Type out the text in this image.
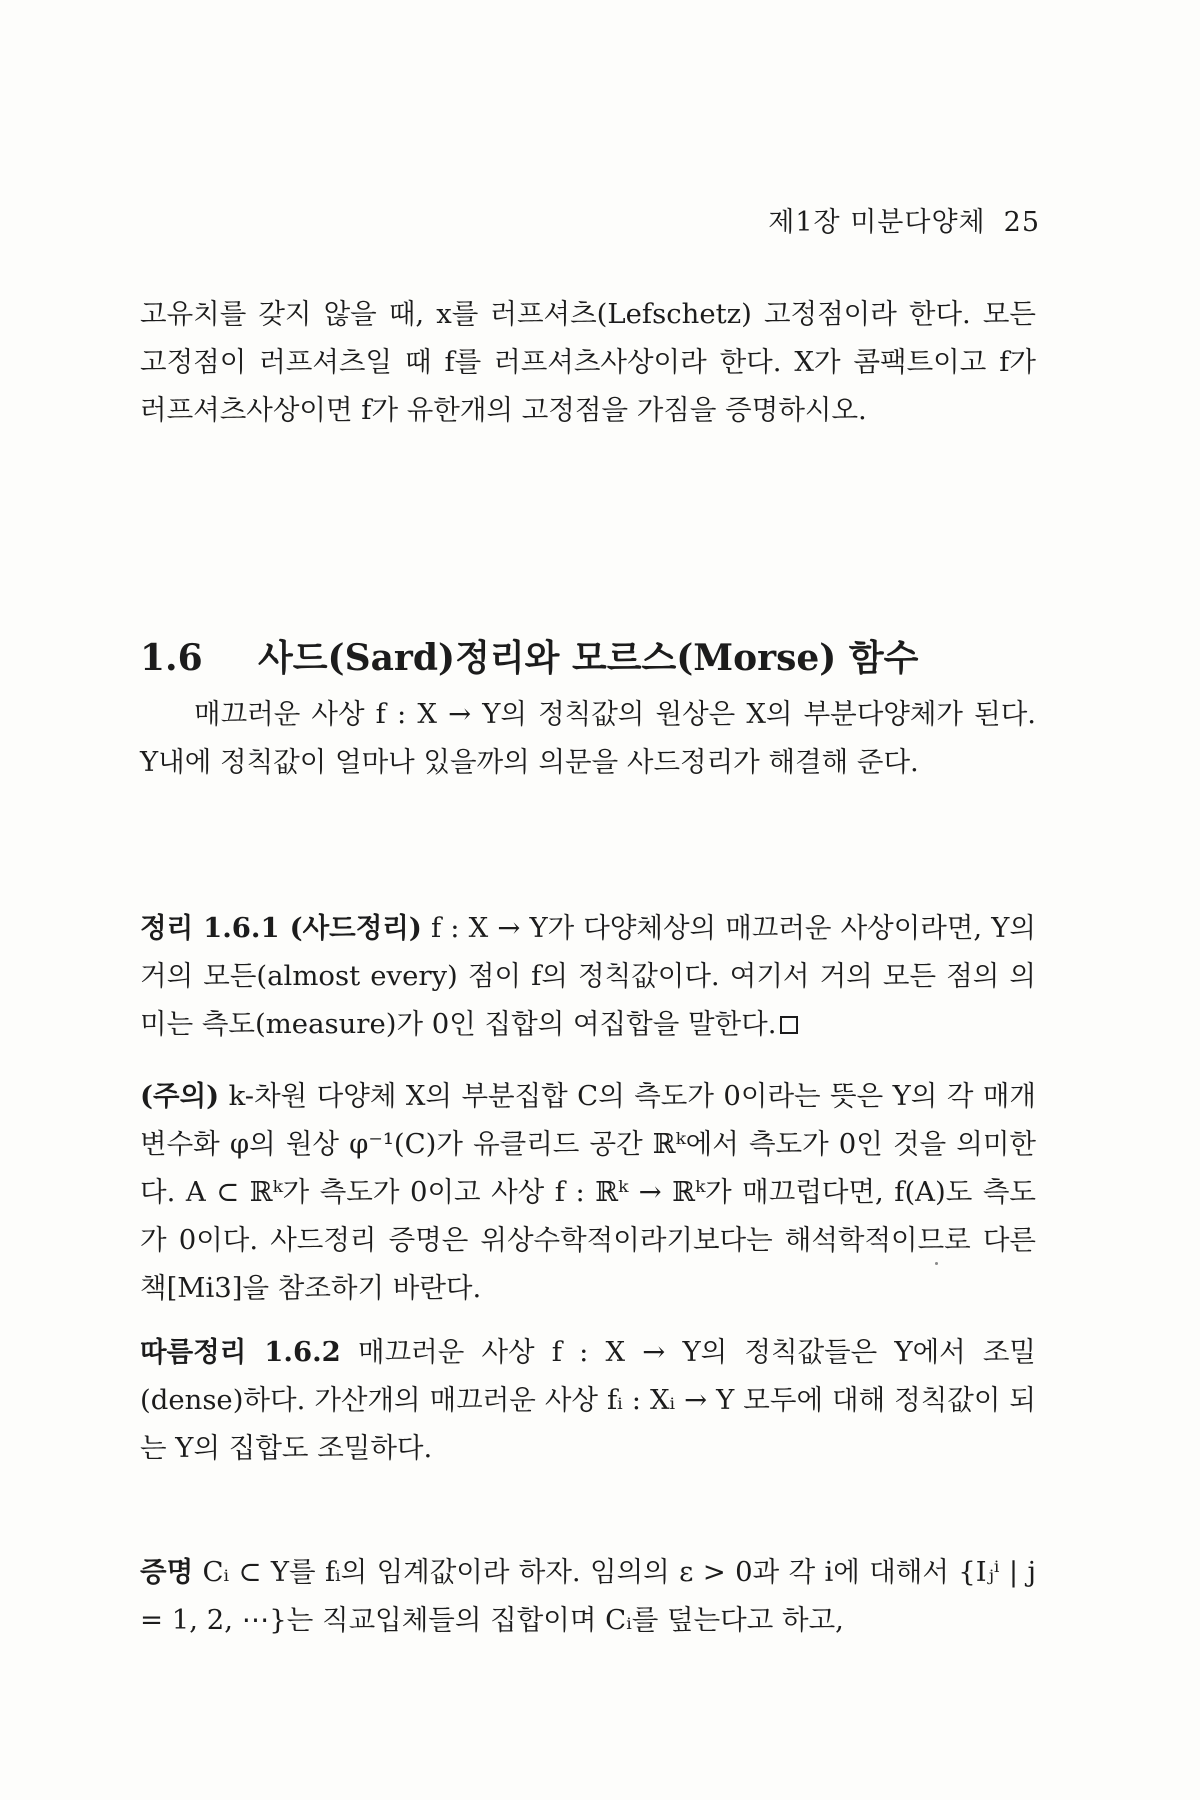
제1장 미분다양체 25

고유치를 갖지 않을 때, x를 러프셔츠(Lefschetz) 고정점이라 한다. 모든 고정점이 러프셔츠일 때 f를 러프셔츠사상이라 한다. X가 콤팩트이고 f가 러프셔츠사상이면 f가 유한개의 고정점을 가짐을 증명하시오.

1.6 사드(Sard)정리와 모르스(Morse) 함수

매끄러운 사상 f : X → Y의 정칙값의 원상은 X의 부분다양체가 된다. Y내에 정칙값이 얼마나 있을까의 의문을 사드정리가 해결해 준다.

정리 1.6.1 (사드정리) f : X → Y가 다양체상의 매끄러운 사상이라면, Y의 거의 모든(almost every) 점이 f의 정칙값이다. 여기서 거의 모든 점의 의미는 측도(measure)가 0인 집합의 여집합을 말한다.

(주의) k-차원 다양체 X의 부분집합 C의 측도가 0이라는 뜻은 Y의 각 매개변수화 φ의 원상 φ⁻¹(C)가 유클리드 공간 ℝᵏ에서 측도가 0인 것을 의미한다. A ⊂ ℝᵏ가 측도가 0이고 사상 f : ℝᵏ → ℝᵏ가 매끄럽다면, f(A)도 측도가 0이다. 사드정리 증명은 위상수학적이라기보다는 해석학적이므로 다른 책[Mi3]을 참조하기 바란다.

따름정리 1.6.2 매끄러운 사상 f : X → Y의 정칙값들은 Y에서 조밀(dense)하다. 가산개의 매끄러운 사상 fᵢ : Xᵢ → Y 모두에 대해 정칙값이 되는 Y의 집합도 조밀하다.

증명 Cᵢ ⊂ Y를 fᵢ의 임계값이라 하자. 임의의 ε > 0과 각 i에 대해서 {Iⱼⁱ | j = 1, 2, ⋯}는 직교입체들의 집합이며 Cᵢ를 덮는다고 하고,
